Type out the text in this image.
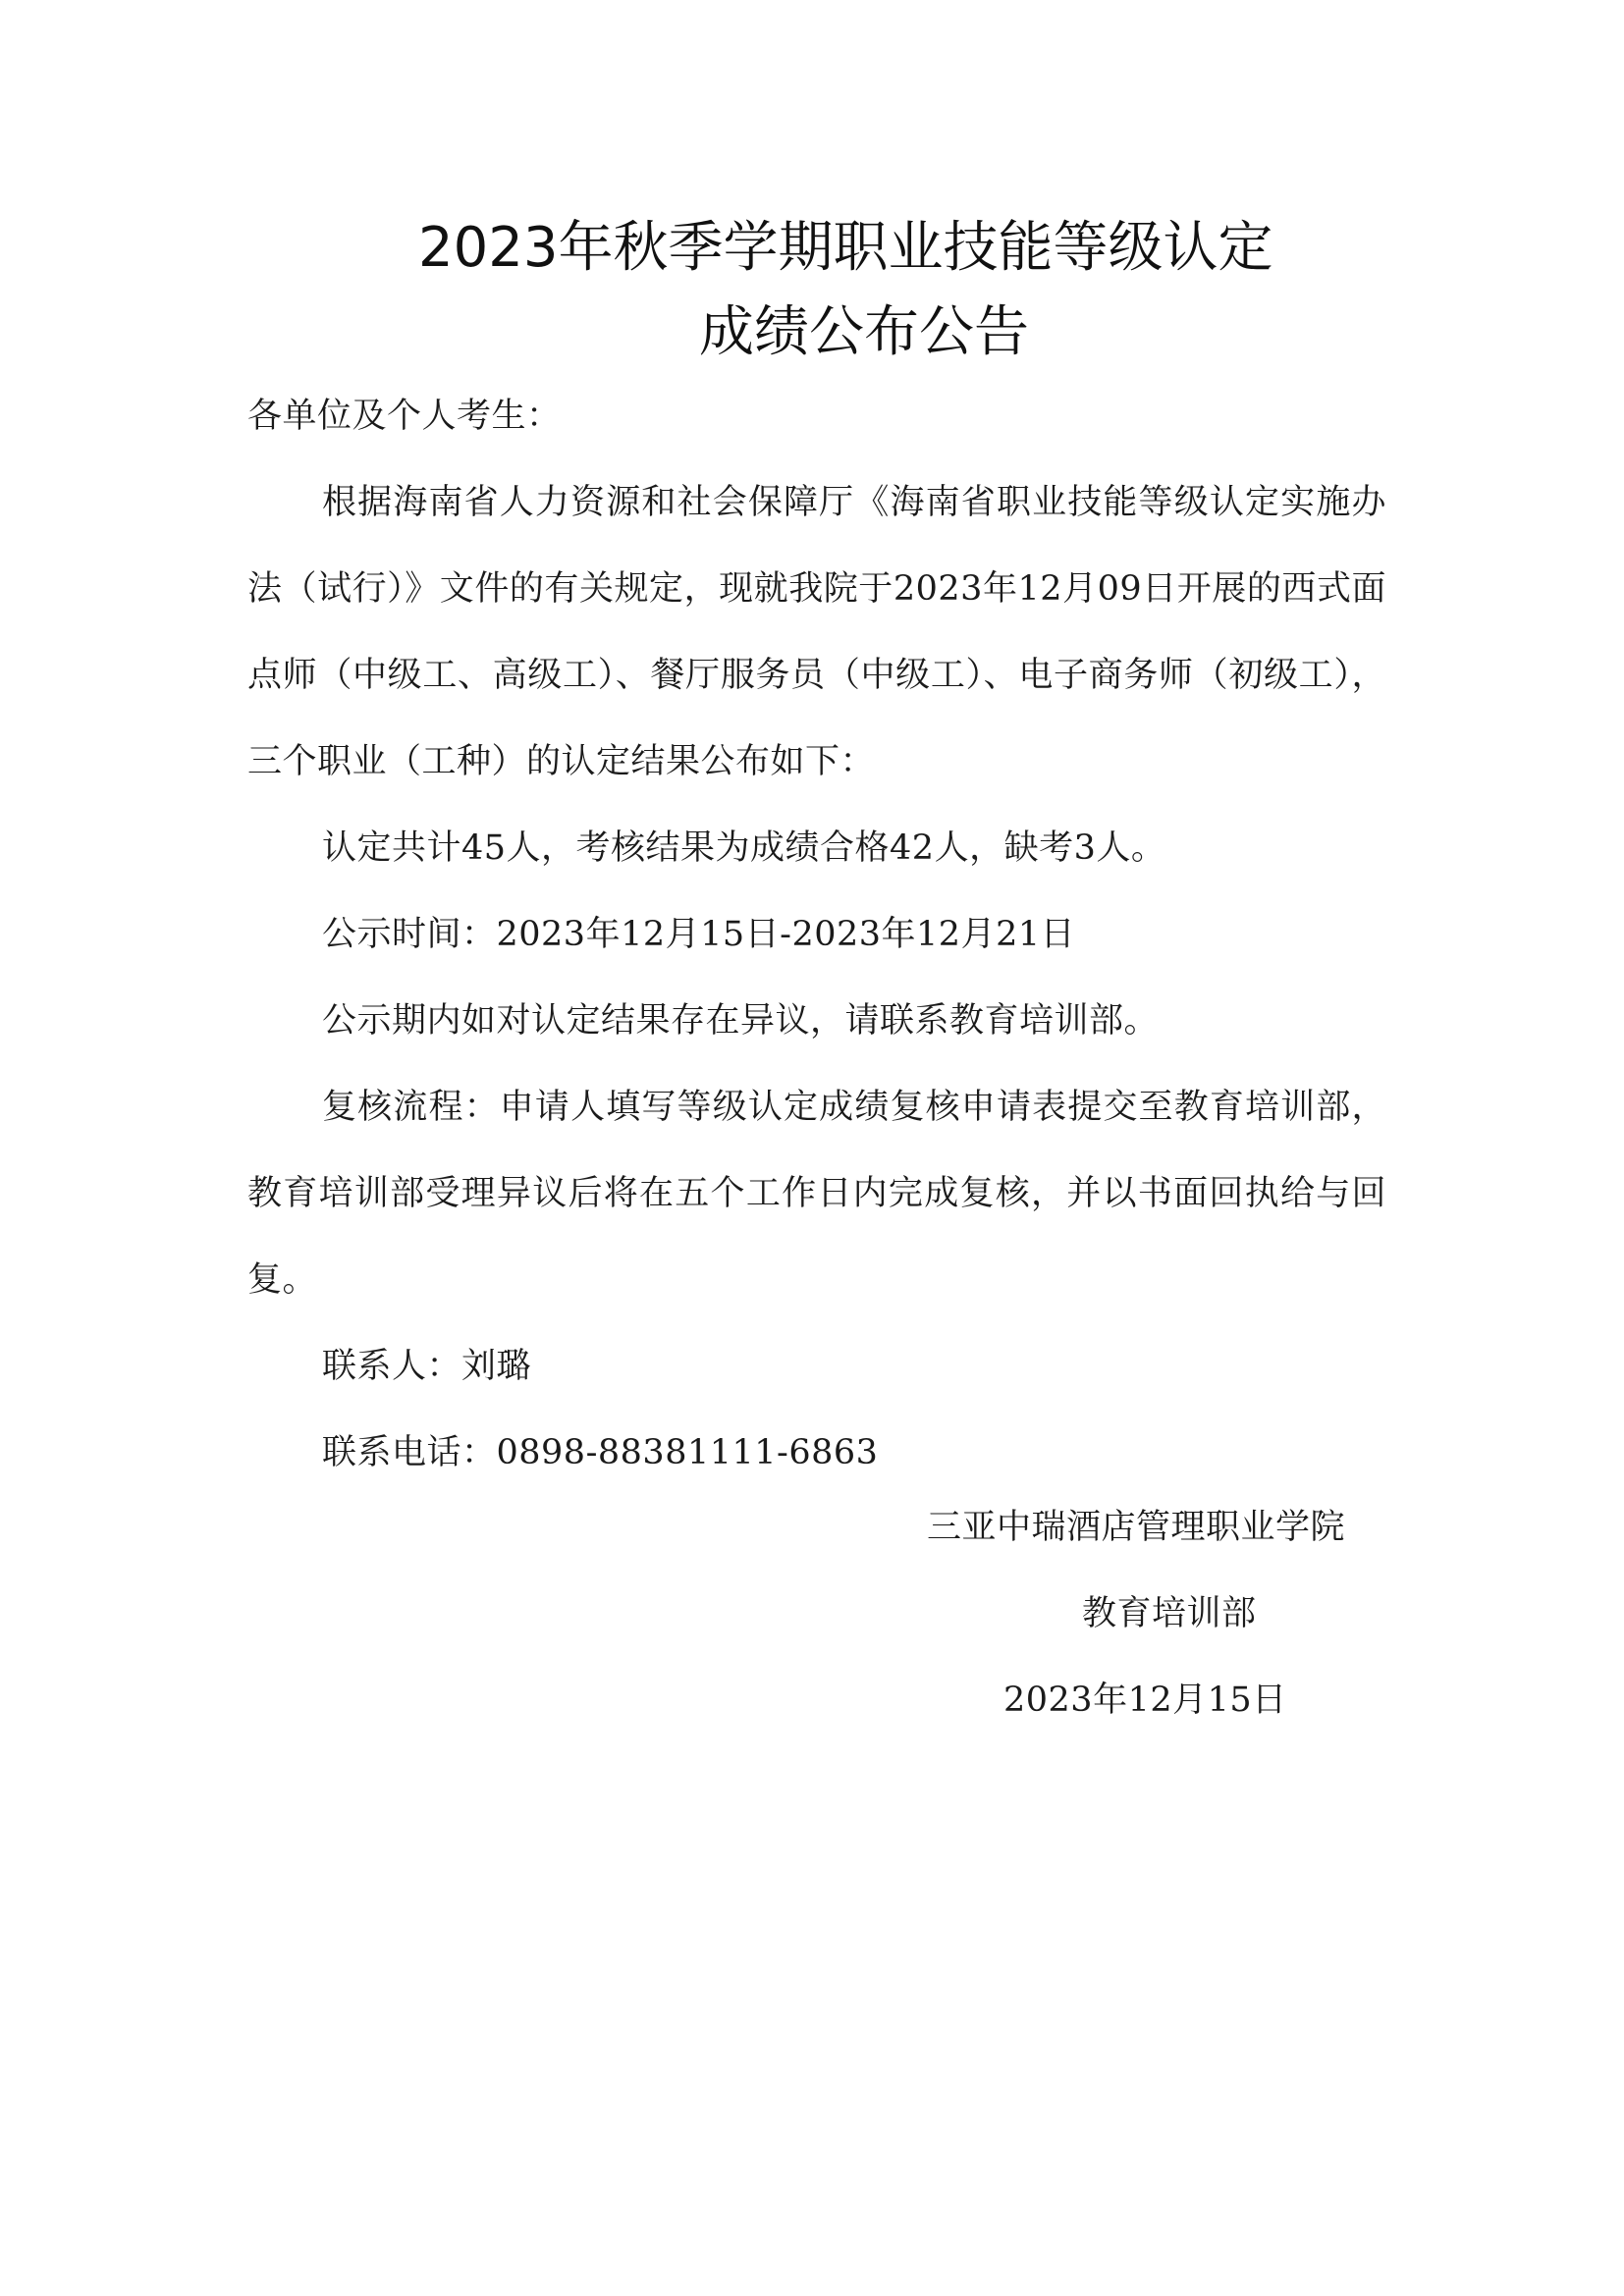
2023年秋季学期职业技能等级认定
成绩公布公告
各单位及个人考生：
根据海南省人力资源和社会保障厅《海南省职业技能等级认定实施办法（试行）》文件的有关规定，现就我院于2023年12月09日开展的西式面点师（中级工、高级工）、餐厅服务员（中级工）、电子商务师（初级工），三个职业（工种）的认定结果公布如下：
认定共计45人，考核结果为成绩合格42人，缺考3人。
公示时间：2023年12月15日-2023年12月21日
公示期内如对认定结果存在异议，请联系教育培训部。
复核流程：申请人填写等级认定成绩复核申请表提交至教育培训部，教育培训部受理异议后将在五个工作日内完成复核，并以书面回执给与回复。
联系人：刘璐
联系电话：0898-88381111-6863
三亚中瑞酒店管理职业学院
教育培训部
2023年12月15日
